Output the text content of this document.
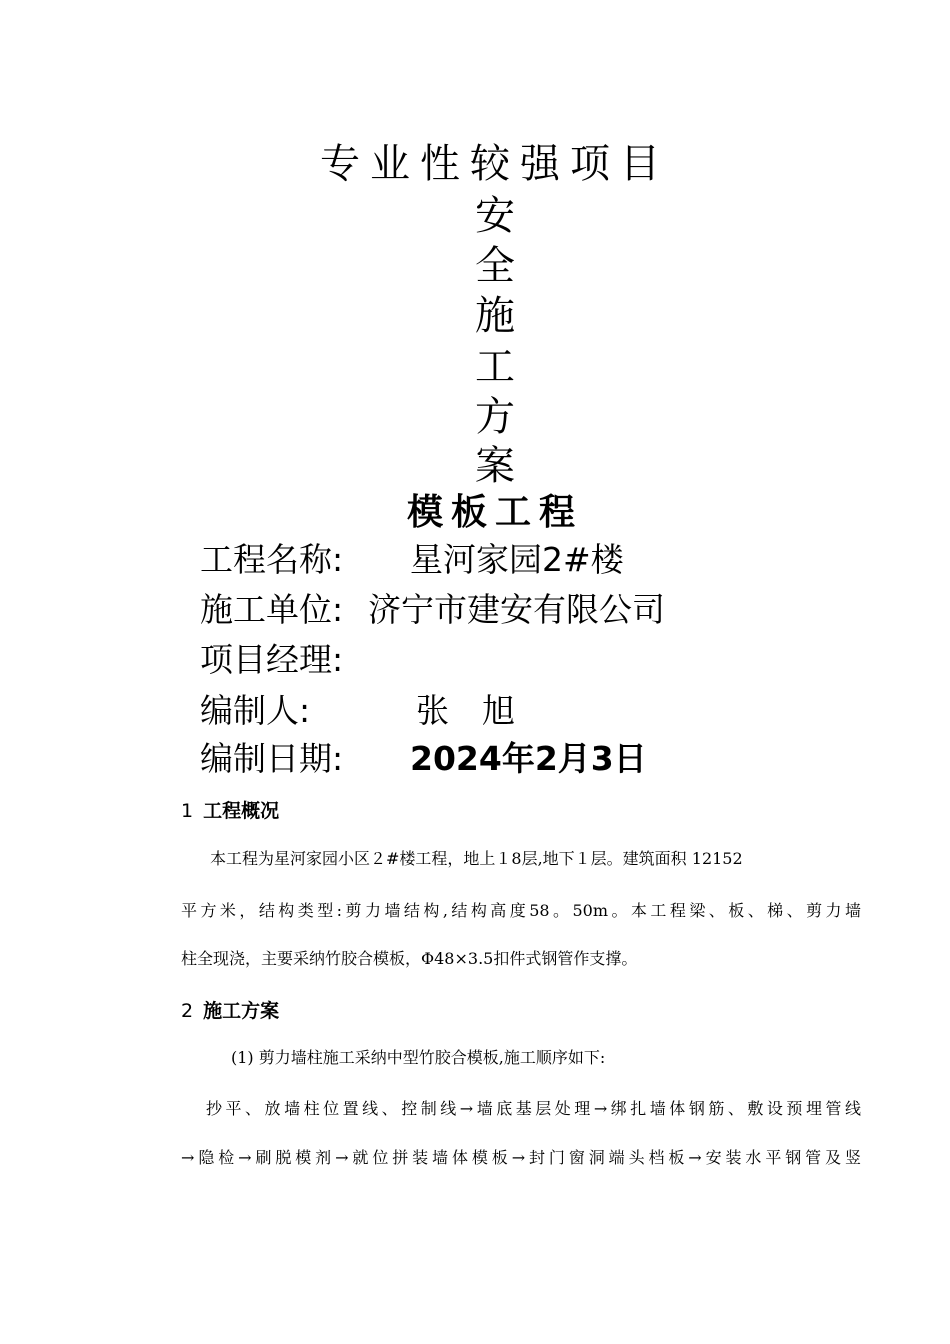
专业性较强项目
安
全
施
工
方
案
模板工程
工程名称: 星河家园2#楼
施工单位: 济宁市建安有限公司
项目经理:
编制人:	张　旭
编制日期: 2024年2月3日
1 工程概况
本工程为星河家园小区２#楼工程，地上１8层,地下１层。建筑面积 12152
平方米，结构类型:剪力墙结构,结构高度58。50m。本工程梁、板、梯、剪力墙
柱全现浇，主要采纳竹胶合模板，Φ48×3.5扣件式钢管作支撑。
2 施工方案
(1) 剪力墙柱施工采纳中型竹胶合模板,施工顺序如下:
抄平、放墙柱位置线、控制线→墙底基层处理→绑扎墙体钢筋、敷设预埋管线
→隐检→刷脱模剂→就位拼装墙体模板→封门窗洞端头档板→安装水平钢管及竖
